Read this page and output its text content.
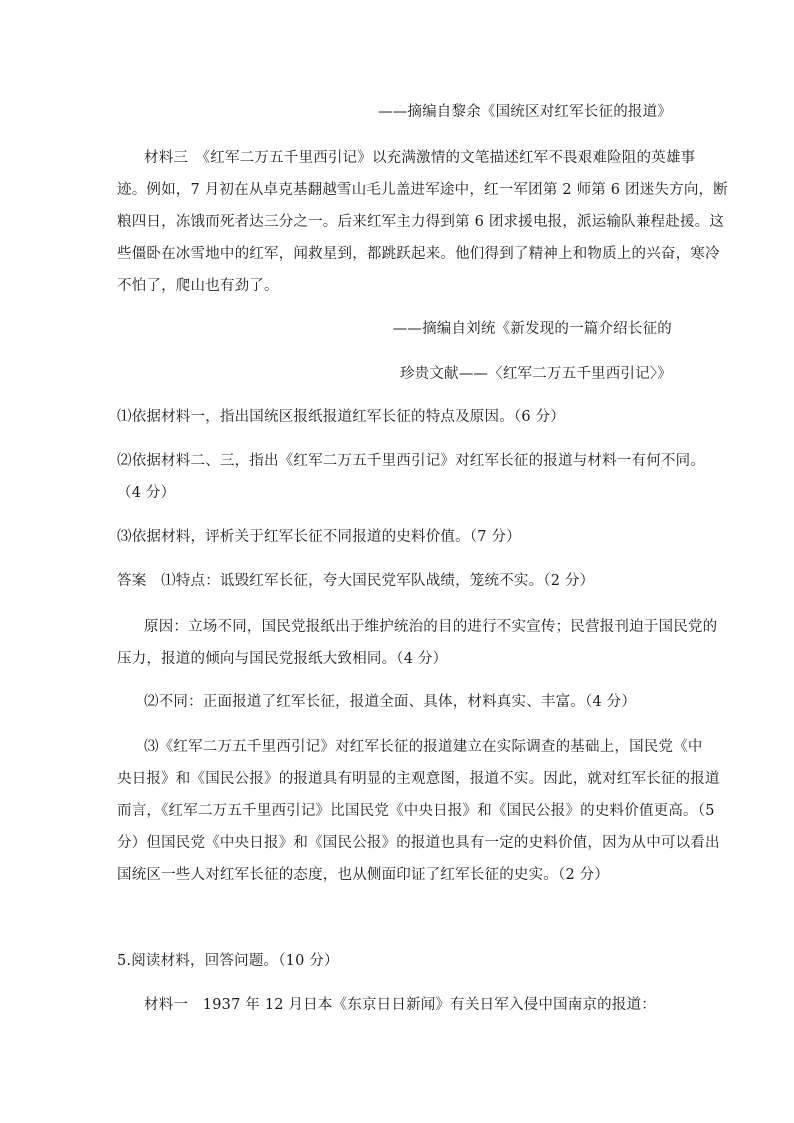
——摘编自黎余《国统区对红军长征的报道》
材料三　《红军二万五千里西引记》以充满激情的文笔描述红军不畏艰难险阻的英雄事
迹。例如，7 月初在从卓克基翻越雪山毛儿盖进军途中，红一军团第 2 师第 6 团迷失方向，断
粮四日，冻饿而死者达三分之一。后来红军主力得到第 6 团求援电报，派运输队兼程赴援。这
些僵卧在冰雪地中的红军，闻救星到，都跳跃起来。他们得到了精神上和物质上的兴奋，寒冷
不怕了，爬山也有劲了。
——摘编自刘统《新发现的一篇介绍长征的
珍贵文献——〈红军二万五千里西引记〉》
⑴依据材料一，指出国统区报纸报道红军长征的特点及原因。（6 分）
⑵依据材料二、三，指出《红军二万五千里西引记》对红军长征的报道与材料一有何不同。
（4 分）
⑶依据材料，评析关于红军长征不同报道的史料价值。（7 分）
答案　⑴特点：诋毁红军长征，夸大国民党军队战绩，笼统不实。（2 分）
原因：立场不同，国民党报纸出于维护统治的目的进行不实宣传；民营报刊迫于国民党的
压力，报道的倾向与国民党报纸大致相同。（4 分）
⑵不同：正面报道了红军长征，报道全面、具体，材料真实、丰富。（4 分）
⑶《红军二万五千里西引记》对红军长征的报道建立在实际调查的基础上，国民党《中
央日报》和《国民公报》的报道具有明显的主观意图，报道不实。因此，就对红军长征的报道
而言，《红军二万五千里西引记》比国民党《中央日报》和《国民公报》的史料价值更高。（5
分）但国民党《中央日报》和《国民公报》的报道也具有一定的史料价值，因为从中可以看出
国统区一些人对红军长征的态度，也从侧面印证了红军长征的史实。（2 分）
5.阅读材料，回答问题。（10 分）
材料一　1937 年 12 月日本《东京日日新闻》有关日军入侵中国南京的报道：
